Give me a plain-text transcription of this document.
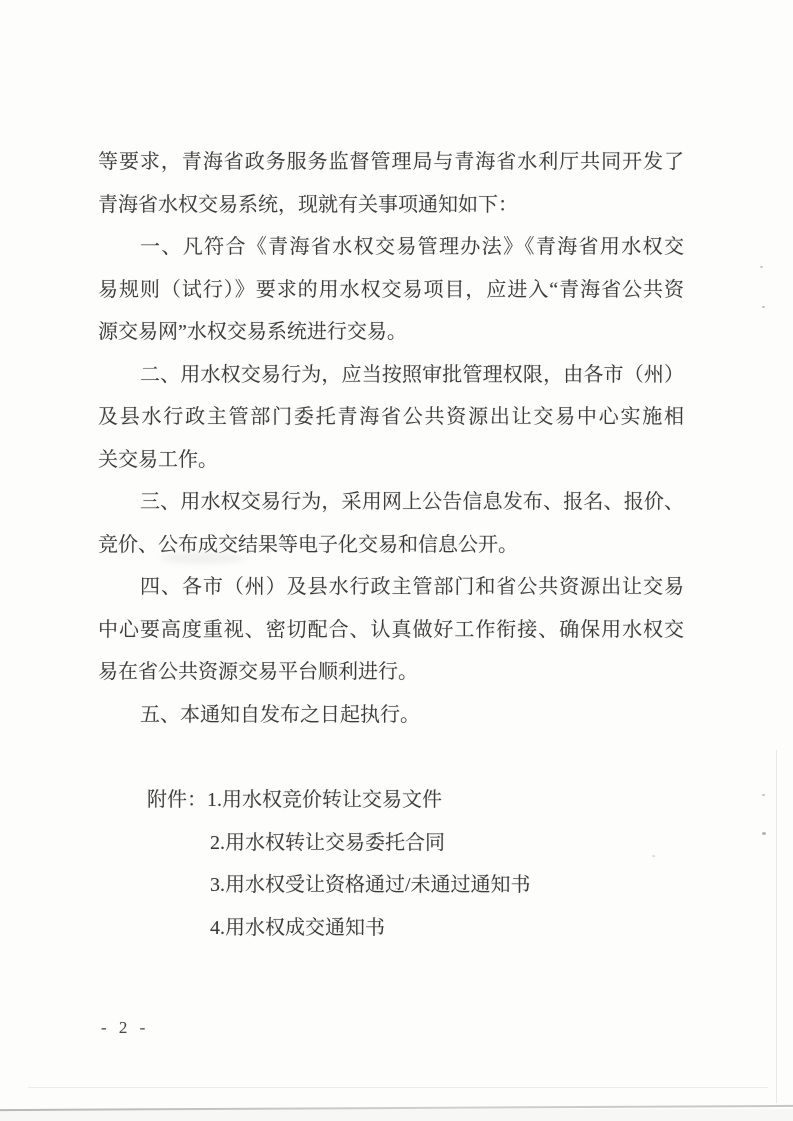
等要求，青海省政务服务监督管理局与青海省水利厅共同开发了
青海省水权交易系统，现就有关事项通知如下：
一、凡符合《青海省水权交易管理办法》《青海省用水权交
易规则（试行）》要求的用水权交易项目，应进入“青海省公共资
源交易网”水权交易系统进行交易。
二、用水权交易行为，应当按照审批管理权限，由各市（州）
及县水行政主管部门委托青海省公共资源出让交易中心实施相
关交易工作。
三、用水权交易行为，采用网上公告信息发布、报名、报价、
竞价、公布成交结果等电子化交易和信息公开。
四、各市（州）及县水行政主管部门和省公共资源出让交易
中心要高度重视、密切配合、认真做好工作衔接、确保用水权交
易在省公共资源交易平台顺利进行。
五、本通知自发布之日起执行。
附件：1.用水权竞价转让交易文件
2.用水权转让交易委托合同
3.用水权受让资格通过/未通过通知书
4.用水权成交通知书
- 2 -
